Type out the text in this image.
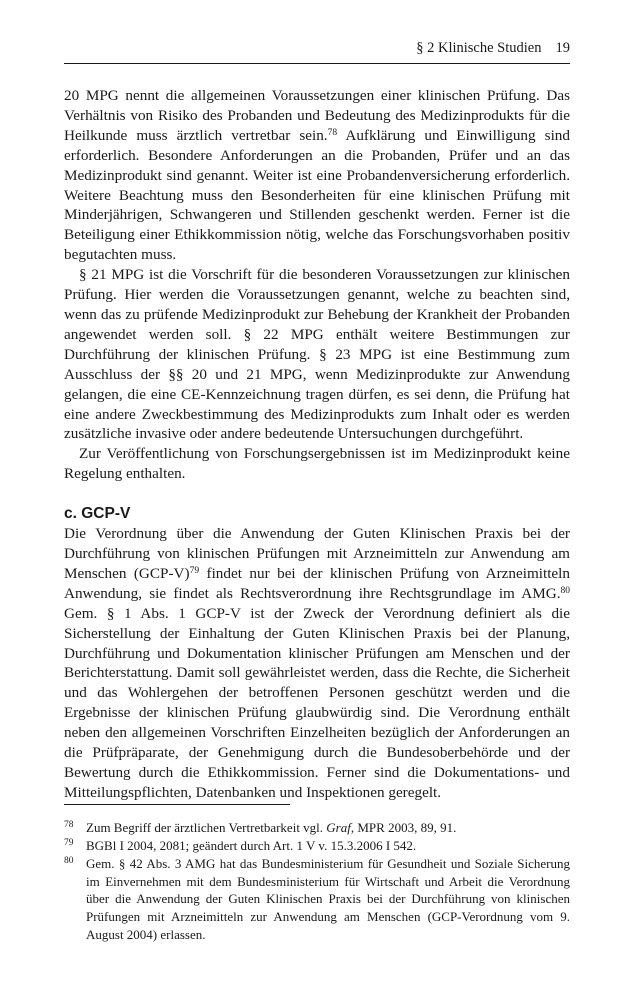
§ 2 Klinische Studien 19

20 MPG nennt die allgemeinen Voraussetzungen einer klinischen Prüfung. Das Verhältnis von Risiko des Probanden und Bedeutung des Medizinprodukts für die Heilkunde muss ärztlich vertretbar sein.$^{78}$ Aufklärung und Einwilligung sind erforderlich. Besondere Anforderungen an die Probanden, Prüfer und an das Medizinprodukt sind genannt. Weiter ist eine Probandenversicherung erforderlich. Weitere Beachtung muss den Besonderheiten für eine klinischen Prüfung mit Minderjährigen, Schwangeren und Stillenden geschenkt werden. Ferner ist die Beteiligung einer Ethikkommission nötig, welche das Forschungsvorhaben positiv begutachten muss.

§ 21 MPG ist die Vorschrift für die besonderen Voraussetzungen zur klinischen Prüfung. Hier werden die Voraussetzungen genannt, welche zu beachten sind, wenn das zu prüfende Medizinprodukt zur Behebung der Krankheit der Probanden angewendet werden soll. § 22 MPG enthält weitere Bestimmungen zur Durchführung der klinischen Prüfung. § 23 MPG ist eine Bestimmung zum Ausschluss der §§ 20 und 21 MPG, wenn Medizinprodukte zur Anwendung gelangen, die eine CE-Kennzeichnung tragen dürfen, es sei denn, die Prüfung hat eine andere Zweckbestimmung des Medizinprodukts zum Inhalt oder es werden zusätzliche invasive oder andere bedeutende Untersuchungen durchgeführt.

Zur Veröffentlichung von Forschungsergebnissen ist im Medizinprodukt keine Regelung enthalten.

c. GCP-V

Die Verordnung über die Anwendung der Guten Klinischen Praxis bei der Durchführung von klinischen Prüfungen mit Arzneimitteln zur Anwendung am Menschen $(GCP-V)^{79}$ findet nur bei der klinischen Prüfung von Arzneimitteln Anwendung, sie findet als Rechtsverordnung ihre Rechtsgrundlage im AMG.$^{80}$ Gem. § 1 Abs. 1 GCP-V ist der Zweck der Verordnung definiert als die Sicherstellung der Einhaltung der Guten Klinischen Praxis bei der Planung, Durchführung und Dokumentation klinischer Prüfungen am Menschen und der Berichterstattung. Damit soll gewährleistet werden, dass die Rechte, die Sicherheit und das Wohlergehen der betroffenen Personen geschützt werden und die Ergebnisse der klinischen Prüfung glaubwürdig sind. Die Verordnung enthält neben den allgemeinen Vorschriften Einzelheiten bezüglich der Anforderungen an die Prüfpräparate, der Genehmigung durch die Bundesoberbehörde und der Bewertung durch die Ethikkommission. Ferner sind die Dokumentations- und Mitteilungspflichten, Datenbanken und Inspektionen geregelt.

78 Zum Begriff der ärztlichen Vertretbarkeit vgl. Graf, MPR 2003, 89, 91.
79 BGBl I 2004, 2081; geändert durch Art. 1 V v. 15.3.2006 I 542.
80 Gem. § 42 Abs. 3 AMG hat das Bundesministerium für Gesundheit und Soziale Sicherung im Einvernehmen mit dem Bundesministerium für Wirtschaft und Arbeit die Verordnung über die Anwendung der Guten Klinischen Praxis bei der Durchführung von klinischen Prüfungen mit Arzneimitteln zur Anwendung am Menschen (GCP-Verordnung vom 9. August 2004) erlassen.
